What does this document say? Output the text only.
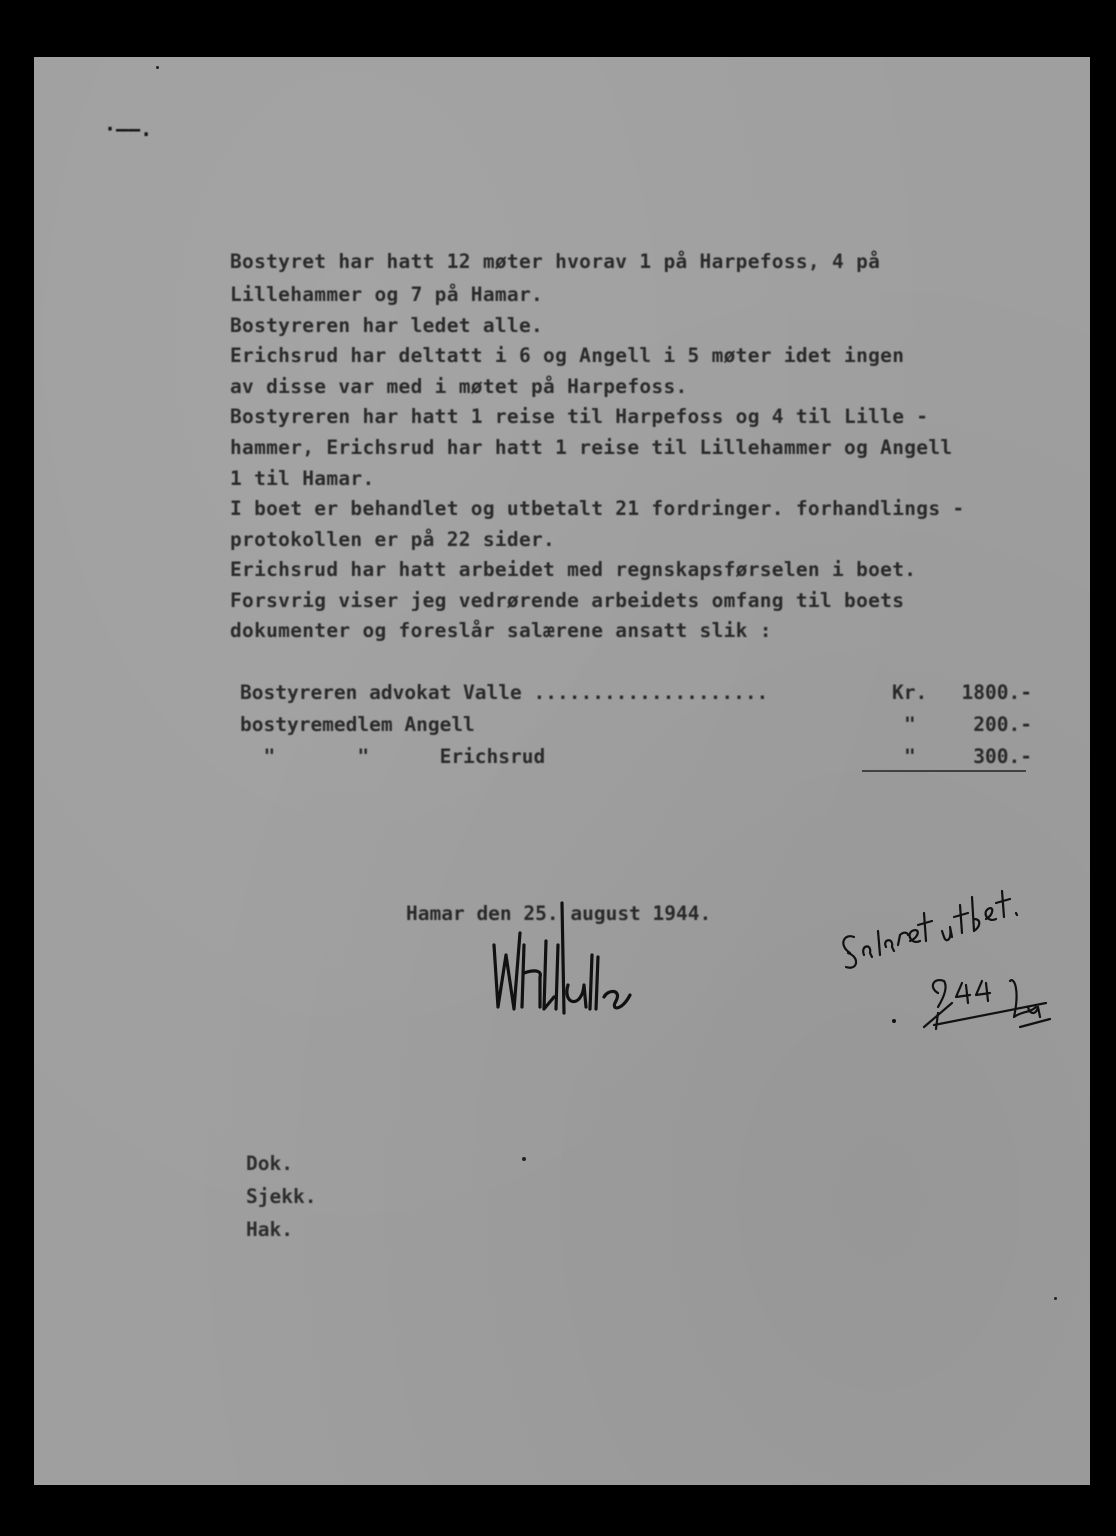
·––.
Bostyret har hatt 12 møter hvorav 1 på Harpefoss, 4 på
Lillehammer og 7 på Hamar.
Bostyreren har ledet alle.
Erichsrud har deltatt i 6 og Angell i 5 møter idet ingen
av disse var med i møtet på Harpefoss.
Bostyreren har hatt 1 reise til Harpefoss og 4 til Lille -
hammer, Erichsrud har hatt 1 reise til Lillehammer og Angell
1 til Hamar.
I boet er behandlet og utbetalt 21 fordringer. forhandlings -
protokollen er på 22 sider.
Erichsrud har hatt arbeidet med regnskapsførselen i boet.
Forsvrig viser jeg vedrørende arbeidets omfang til boets
dokumenter og foreslår salærene ansatt slik :
Bostyreren advokat Valle ....................	Kr.	1800.-
bostyremedlem Angell	"	200.-
"       "      Erichsrud	"	300.-
Hamar den 25. august 1944.
Dok.
Sjekk.
Hak.
